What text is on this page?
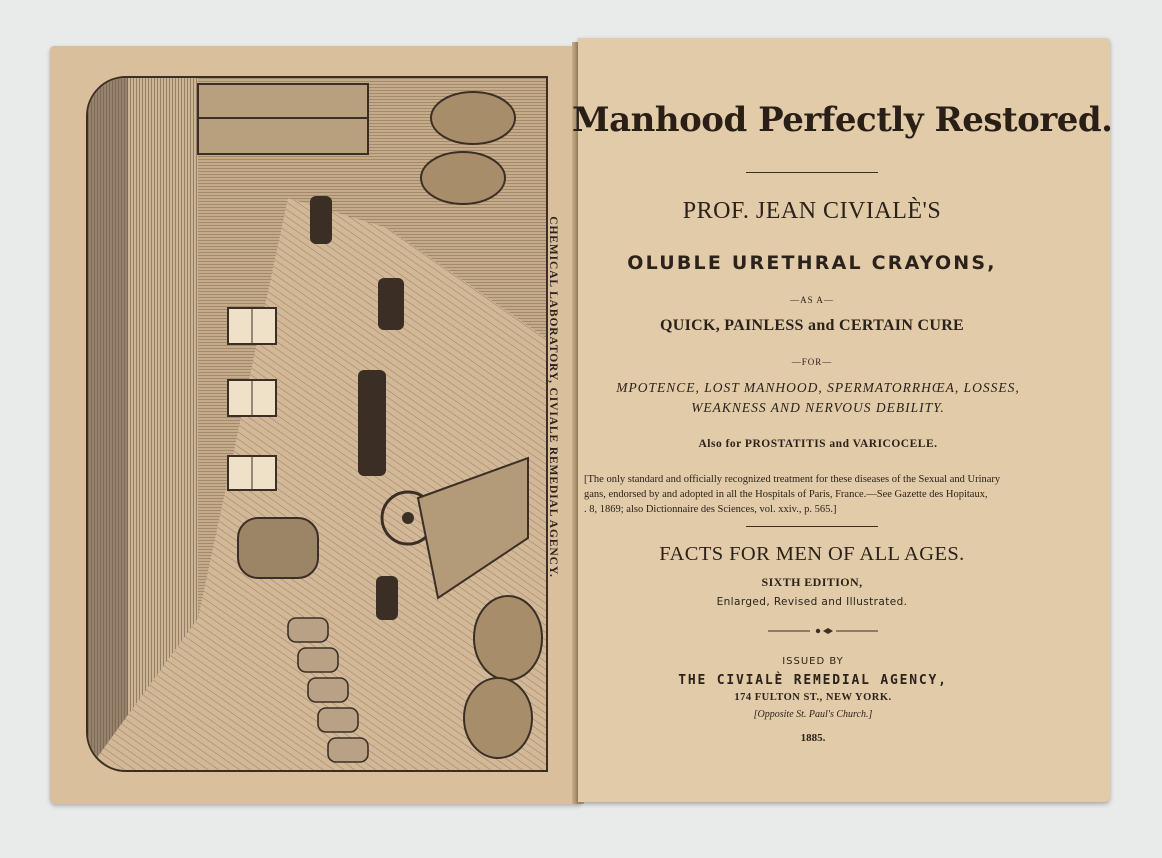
CHEMICAL LABORATORY, CIVIALE REMEDIAL AGENCY.
Manhood Perfectly Restored.
PROF. JEAN CIVIALÈ'S
OLUBLE URETHRAL CRAYONS,
—AS A—
QUICK, PAINLESS and CERTAIN CURE
—FOR—
MPOTENCE, LOST MANHOOD, SPERMATORRHŒA, LOSSES,
WEAKNESS AND NERVOUS DEBILITY.
Also for PROSTATITIS and VARICOCELE.
[The only standard and officially recognized treatment for these diseases of the Sexual and Urinary
gans, endorsed by and adopted in all the Hospitals of Paris, France.—See Gazette des Hopitaux,
. 8, 1869; also Dictionnaire des Sciences, vol. xxiv., p. 565.]
FACTS FOR MEN OF ALL AGES.
SIXTH EDITION,
Enlarged, Revised and Illustrated.
ISSUED BY
THE CIVIALÈ REMEDIAL AGENCY,
174 FULTON ST., NEW YORK.
[Opposite St. Paul's Church.]
1885.
